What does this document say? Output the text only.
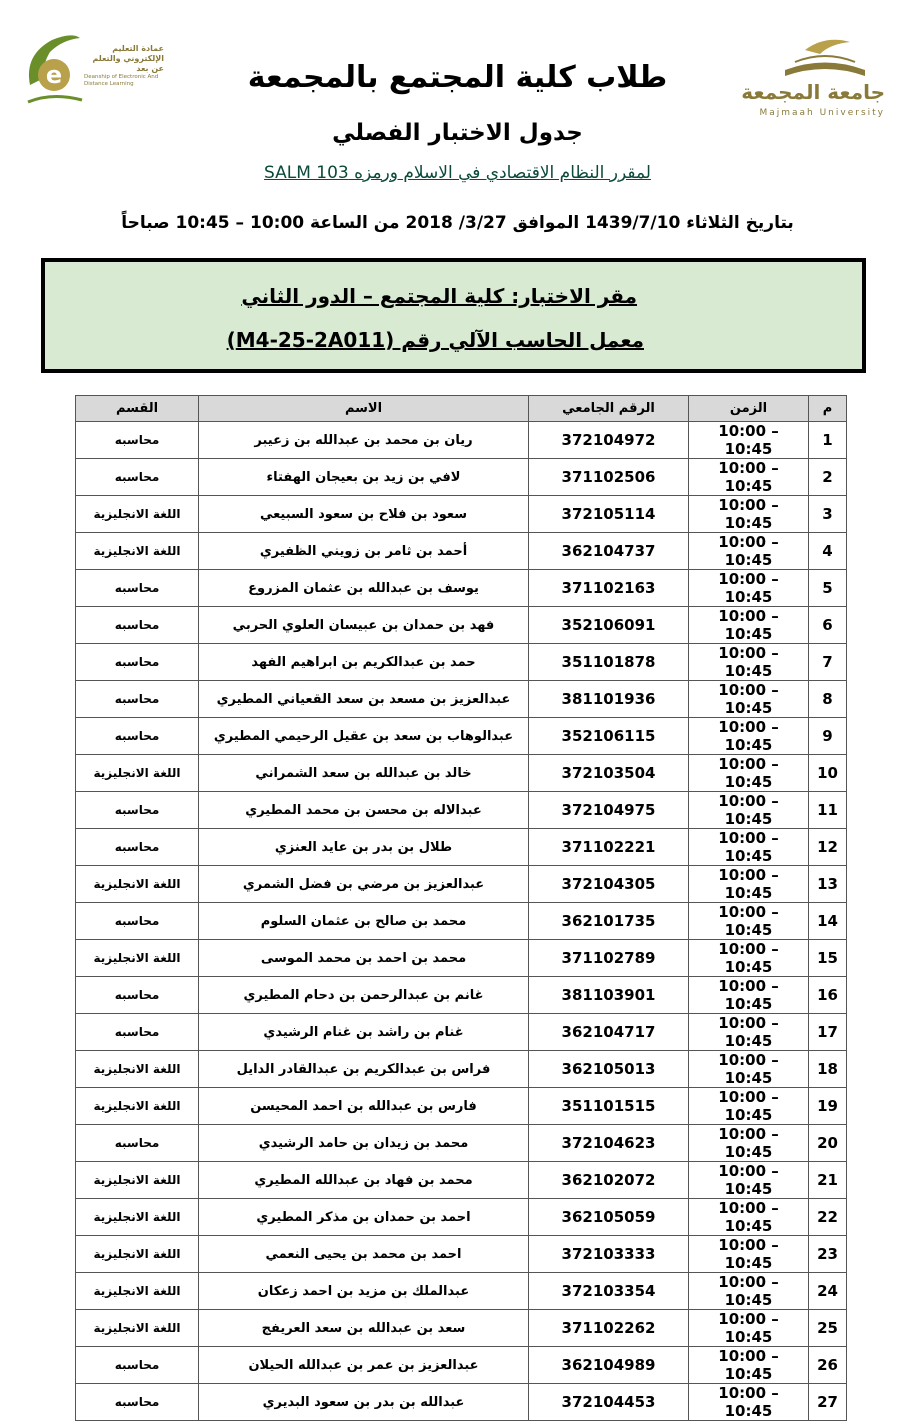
e
عمادة التعليم الإلكتروني والتعلم عن بعد
Deanship of Electronic And Distance Learning	جامعة المجمعة
Majmaah University
طلاب كلية المجتمع بالمجمعة
جدول الاختبار الفصلي
لمقرر النظام الاقتصادي في الاسلام ورمزه SALM 103
بتاريخ الثلاثاء 1439/7/10 الموافق 3/27/ 2018 من الساعة 10:00 – 10:45 صباحاً
مقر الاختبار: كلية المجتمع – الدور الثاني
معمل الحاسب الآلي رقم (M4-25-2A011)
م	الزمن	الرقم الجامعي	الاسم	القسم
1	10:00 – 10:45	372104972	ريان بن محمد بن عبدالله بن زعيبر	محاسبه
2	10:00 – 10:45	371102506	لافي بن زيد بن بعيجان الهفتاء	محاسبه
3	10:00 – 10:45	372105114	سعود بن فلاح بن سعود السبيعي	اللغة الانجليزية
4	10:00 – 10:45	362104737	أحمد بن ثامر بن زويني الظفيري	اللغة الانجليزية
5	10:00 – 10:45	371102163	يوسف بن عبدالله بن عثمان المزروع	محاسبه
6	10:00 – 10:45	352106091	فهد بن حمدان بن عبيسان العلوي الحربي	محاسبه
7	10:00 – 10:45	351101878	حمد بن عبدالكريم بن ابراهيم الفهد	محاسبه
8	10:00 – 10:45	381101936	عبدالعزيز بن مسعد بن سعد القعياني المطيري	محاسبه
9	10:00 – 10:45	352106115	عبدالوهاب بن سعد بن عقيل الرحيمي المطيري	محاسبه
10	10:00 – 10:45	372103504	خالد بن عبدالله بن سعد الشمراني	اللغة الانجليزية
11	10:00 – 10:45	372104975	عبدالاله بن محسن بن محمد المطيري	محاسبه
12	10:00 – 10:45	371102221	طلال بن بدر بن عايد العنزي	محاسبه
13	10:00 – 10:45	372104305	عبدالعزيز بن مرضي بن فضل الشمري	اللغة الانجليزية
14	10:00 – 10:45	362101735	محمد بن صالح بن عثمان السلوم	محاسبه
15	10:00 – 10:45	371102789	محمد بن احمد بن محمد الموسى	اللغة الانجليزية
16	10:00 – 10:45	381103901	غانم بن عبدالرحمن بن دحام المطيري	محاسبه
17	10:00 – 10:45	362104717	غنام بن راشد بن غنام الرشيدي	محاسبه
18	10:00 – 10:45	362105013	فراس بن عبدالكريم بن عبدالقادر الدايل	اللغة الانجليزية
19	10:00 – 10:45	351101515	فارس بن عبدالله بن احمد المحيسن	اللغة الانجليزية
20	10:00 – 10:45	372104623	محمد بن زيدان بن حامد الرشيدي	محاسبه
21	10:00 – 10:45	362102072	محمد بن فهاد بن عبدالله المطيري	اللغة الانجليزية
22	10:00 – 10:45	362105059	احمد بن حمدان بن مذكر المطيري	اللغة الانجليزية
23	10:00 – 10:45	372103333	احمد بن محمد بن يحيى النعمي	اللغة الانجليزية
24	10:00 – 10:45	372103354	عبدالملك بن مزيد بن احمد زعكان	اللغة الانجليزية
25	10:00 – 10:45	371102262	سعد بن عبدالله بن سعد العريفج	اللغة الانجليزية
26	10:00 – 10:45	362104989	عبدالعزيز بن عمر بن عبدالله الحيلان	محاسبه
27	10:00 – 10:45	372104453	عبدالله بن بدر بن سعود البديري	محاسبه
